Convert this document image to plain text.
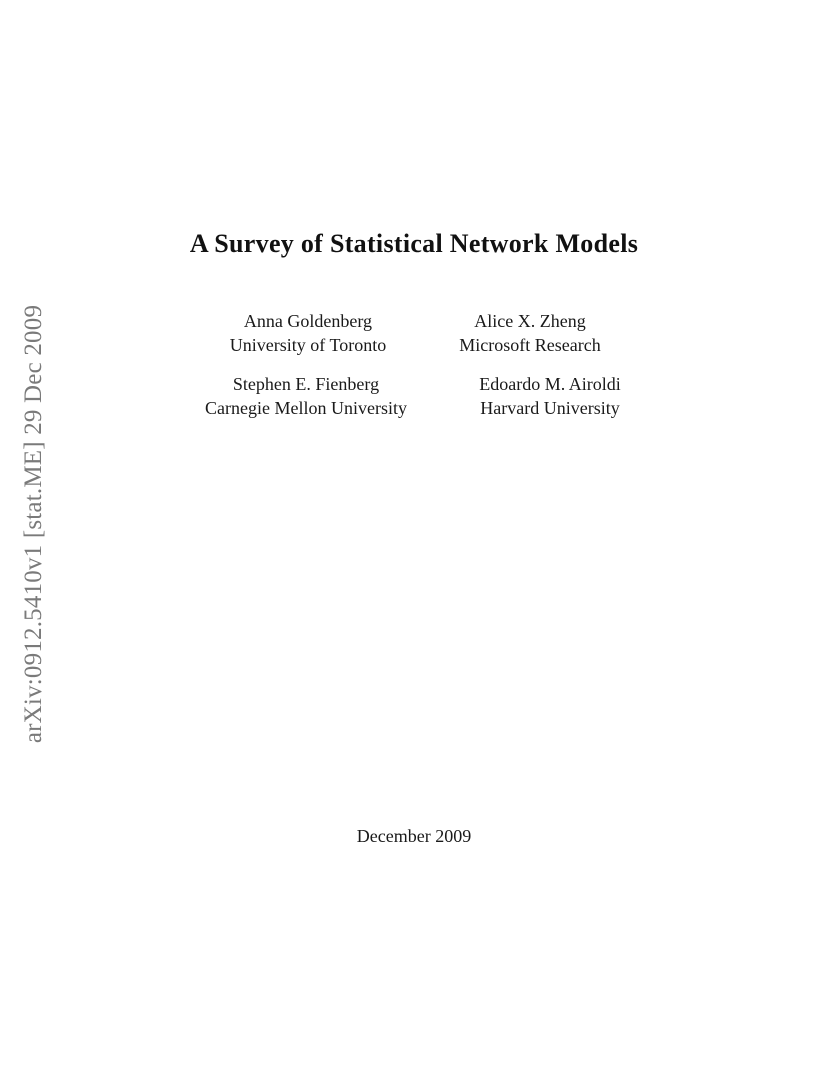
arXiv:0912.5410v1 [stat.ME] 29 Dec 2009
A Survey of Statistical Network Models
Anna Goldenberg
University of Toronto
Alice X. Zheng
Microsoft Research
Stephen E. Fienberg
Carnegie Mellon University
Edoardo M. Airoldi
Harvard University
December 2009
